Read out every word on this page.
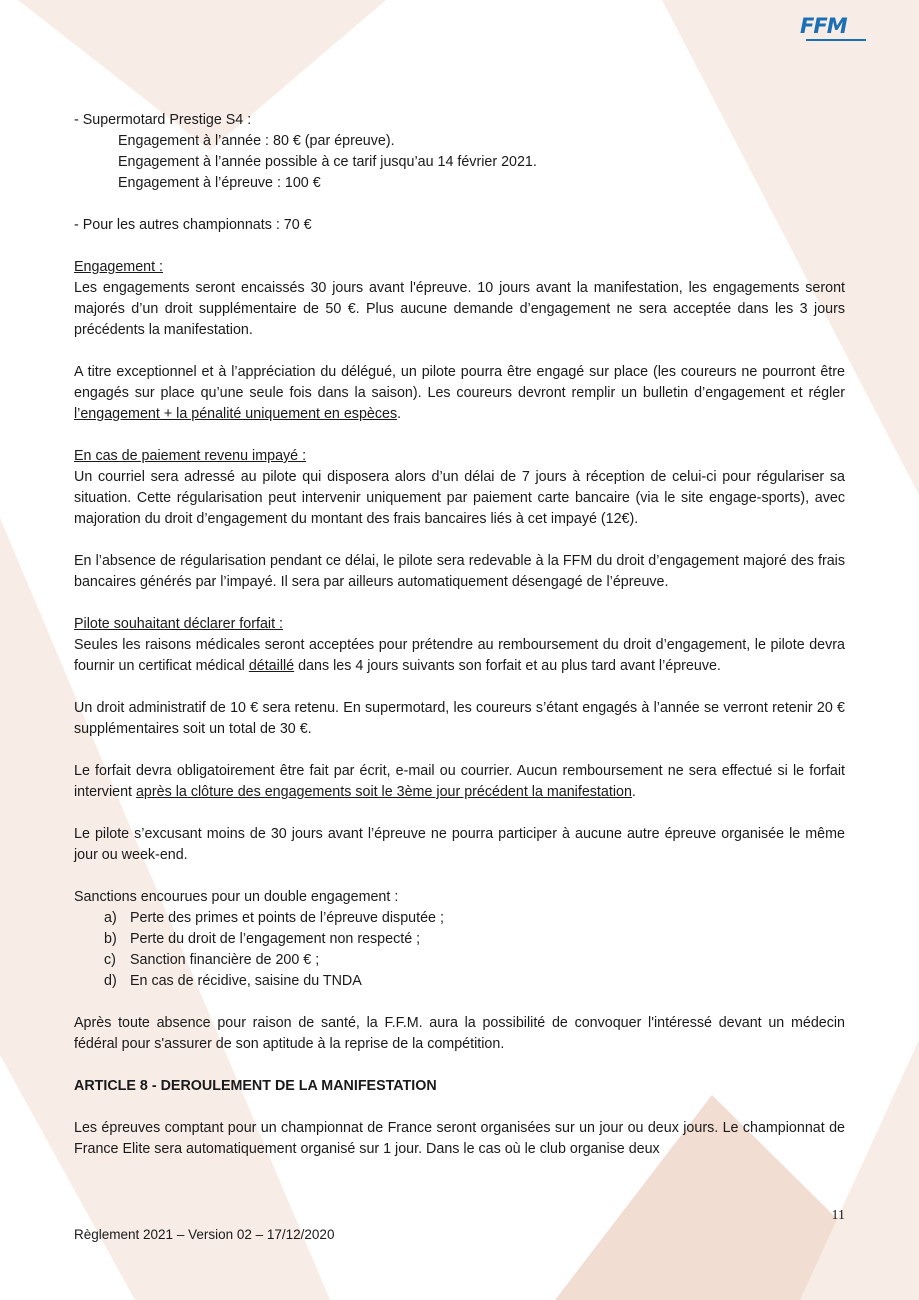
FFM

- Supermotard Prestige S4 :

Engagement à l’année : 80 € (par épreuve).

Engagement à l’année possible à ce tarif jusqu’au 14 février 2021.

Engagement à l’épreuve : 100 €

- Pour les autres championnats : 70 €

Engagement :

Les engagements seront encaissés 30 jours avant l'épreuve. 10 jours avant la manifestation, les engagements seront majorés d’un droit supplémentaire de 50 €. Plus aucune demande d’engagement ne sera acceptée dans les 3 jours précédents la manifestation.

A titre exceptionnel et à l’appréciation du délégué, un pilote pourra être engagé sur place (les coureurs ne pourront être engagés sur place qu’une seule fois dans la saison). Les coureurs devront remplir un bulletin d’engagement et régler l’engagement + la pénalité uniquement en espèces.

En cas de paiement revenu impayé :

Un courriel sera adressé au pilote qui disposera alors d’un délai de 7 jours à réception de celui-ci pour régulariser sa situation. Cette régularisation peut intervenir uniquement par paiement carte bancaire (via le site engage-sports), avec majoration du droit d’engagement du montant des frais bancaires liés à cet impayé (12€).

En l’absence de régularisation pendant ce délai, le pilote sera redevable à la FFM du droit d’engagement majoré des frais bancaires générés par l’impayé. Il sera par ailleurs automatiquement désengagé de l’épreuve.

Pilote souhaitant déclarer forfait :

Seules les raisons médicales seront acceptées pour prétendre au remboursement du droit d’engagement, le pilote devra fournir un certificat médical détaillé dans les 4 jours suivants son forfait et au plus tard avant l’épreuve.

Un droit administratif de 10 € sera retenu. En supermotard, les coureurs s’étant engagés à l’année se verront retenir 20 € supplémentaires soit un total de 30 €.

Le forfait devra obligatoirement être fait par écrit, e-mail ou courrier. Aucun remboursement ne sera effectué si le forfait intervient après la clôture des engagements soit le 3ème jour précédent la manifestation.

Le pilote s’excusant moins de 30 jours avant l’épreuve ne pourra participer à aucune autre épreuve organisée le même jour ou week-end.

Sanctions encourues pour un double engagement :

a) Perte des primes et points de l’épreuve disputée ;
b) Perte du droit de l’engagement non respecté ;
c) Sanction financière de 200 € ;
d) En cas de récidive, saisine du TNDA

Après toute absence pour raison de santé, la F.F.M. aura la possibilité de convoquer l'intéressé devant un médecin fédéral pour s'assurer de son aptitude à la reprise de la compétition.

ARTICLE 8 - DEROULEMENT DE LA MANIFESTATION

Les épreuves comptant pour un championnat de France seront organisées sur un jour ou deux jours. Le championnat de France Elite sera automatiquement organisé sur 1 jour. Dans le cas où le club organise deux

11
Règlement 2021 – Version 02 – 17/12/2020
